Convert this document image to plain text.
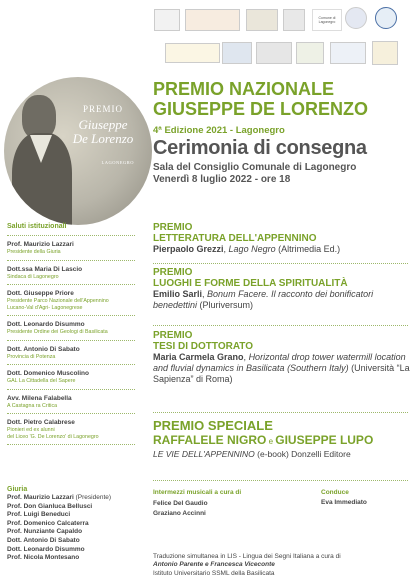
Comune di Lagonegro
PREMIO
Giuseppe
De Lorenzo
LAGONEGRO
PREMIO NAZIONALE
GIUSEPPE DE LORENZO
4ª Edizione 2021 - Lagonegro
Cerimonia di consegna
Sala del Consiglio Comunale di Lagonegro
Venerdì 8 luglio 2022 - ore 18
Saluti istituzionali
Prof. Maurizio Lazzari
Presidente della Giuria
Dott.ssa Maria Di Lascio
Sindaca di Lagonegro
Dott. Giuseppe Priore
Presidente Parco Nazionale dell'Appennino
Lucano-Val d'Agri- Lagonegrese
Dott. Leonardo Disummo
Presidente Ordine dei Geologi di Basilicata
Dott. Antonio Di Sabato
Provincia di Potenza
Dott. Domenico Muscolino
GAL La Cittadella del Sapere
Avv. Milena Falabella
A Castagna ra Critica
Dott. Pietro Calabrese
Pionieri ed ex alunni
del Liceo 'G. De Lorenzo' di Lagonegro
Giuria
Prof. Maurizio Lazzari (Presidente)
Prof. Don Gianluca Bellusci
Prof. Luigi Beneduci
Prof. Domenico Calcaterra
Prof. Nunziante Capaldo
Dott. Antonio Di Sabato
Dott. Leonardo Disummo
Prof. Nicola Montesano
PREMIO
LETTERATURA DELL'APPENNINO
Pierpaolo Grezzi, Lago Negro (Altrimedia Ed.)
PREMIO
LUOGHI E FORME DELLA SPIRITUALITÀ
Emilio Sarli, Bonum Facere. Il racconto dei bonificatori benedettini (Pluriversum)
PREMIO
TESI DI DOTTORATO
Maria Carmela Grano, Horizontal drop tower watermill location and fluvial dynamics in Basilicata (Southern Italy) (Università “La Sapienza” di Roma)
PREMIO SPECIALE
RAFFALELE NIGRO e GIUSEPPE LUPO
LE VIE DELL'APPENNINO (e-book) Donzelli Editore
Intermezzi musicali a cura di
Felice Del Gaudio
Graziano Accinni
Conduce
Eva Immediato
Traduzione simultanea in LIS - Lingua dei Segni Italiana a cura di
Antonio Parente e Francesca Viceconte
Istituto Universitario SSML della Basilicata
